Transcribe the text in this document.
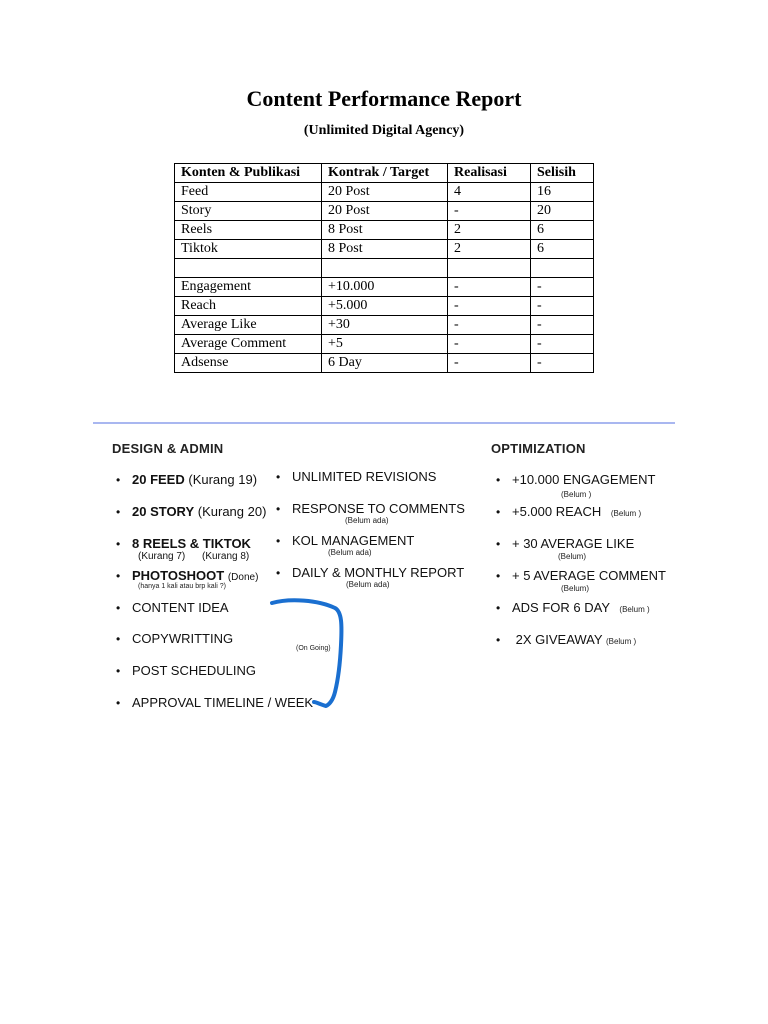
Content Performance Report
(Unlimited Digital Agency)
Konten & Publikasi	Kontrak / Target	Realisasi	Selisih
Feed	20 Post	4	16
Story	20 Post	-	20
Reels	8 Post	2	6
Tiktok	8 Post	2	6

Engagement	+10.000	-	-
Reach	+5.000	-	-
Average Like	+30	-	-
Average Comment	+5	-	-
Adsense	6 Day	-	-
DESIGN & ADMIN
• 20 FEED (Kurang 19)
• 20 STORY (Kurang 20)
• 8 REELS & TIKTOK
(Kurang 7) (Kurang 8)
• PHOTOSHOOT (Done)
(hanya 1 kali atau brp kali ?)
• CONTENT IDEA
• COPYWRITTING
• POST SCHEDULING
• APPROVAL TIMELINE / WEEK
(On Going)
• UNLIMITED REVISIONS
• RESPONSE TO COMMENTS
(Belum ada)
• KOL MANAGEMENT
(Belum ada)
• DAILY & MONTHLY REPORT
(Belum ada)
OPTIMIZATION
• +10.000 ENGAGEMENT
(Belum )
• +5.000 REACH (Belum )
• + 30 AVERAGE LIKE
(Belum)
• + 5 AVERAGE COMMENT
(Belum)
• ADS FOR 6 DAY (Belum )
• 2X GIVEAWAY (Belum )
